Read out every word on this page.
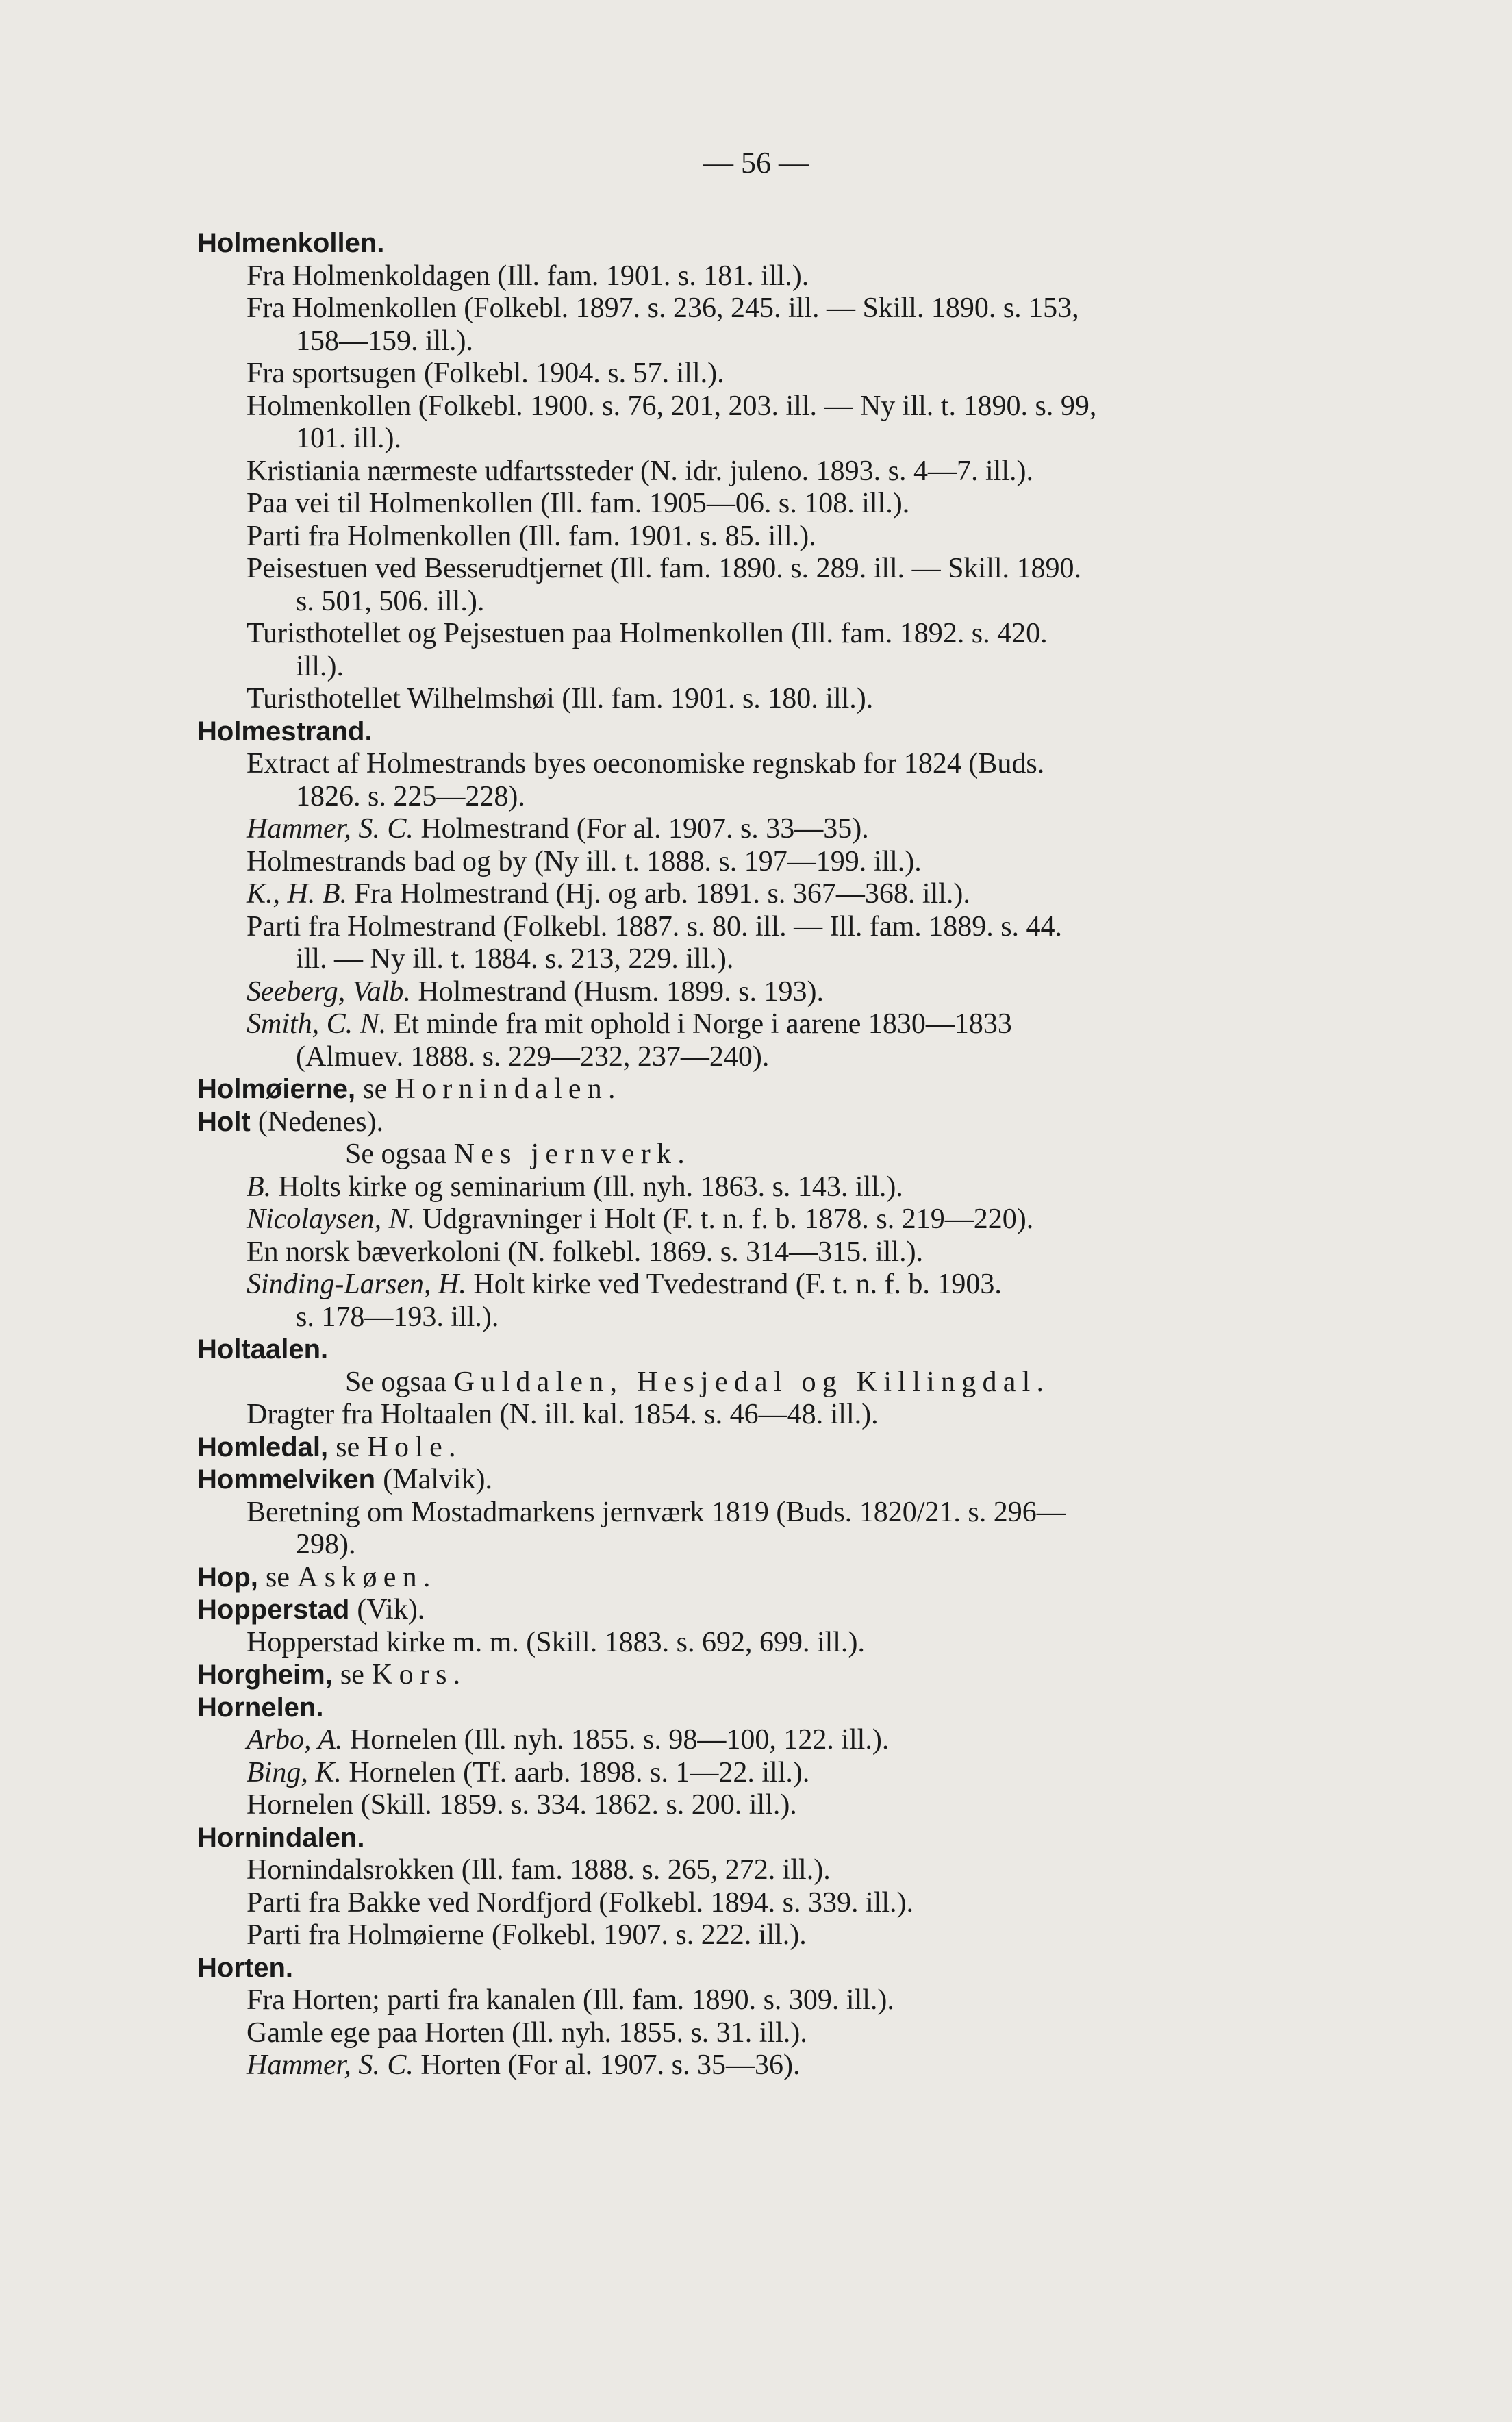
— 56 —
Holmenkollen.
Fra Holmenkoldagen (Ill. fam. 1901. s. 181. ill.).
Fra Holmenkollen (Folkebl. 1897. s. 236, 245. ill. — Skill. 1890. s. 153,
158—159. ill.).
Fra sportsugen (Folkebl. 1904. s. 57. ill.).
Holmenkollen (Folkebl. 1900. s. 76, 201, 203. ill. — Ny ill. t. 1890. s. 99,
101. ill.).
Kristiania nærmeste udfartssteder (N. idr. juleno. 1893. s. 4—7. ill.).
Paa vei til Holmenkollen (Ill. fam. 1905—06. s. 108. ill.).
Parti fra Holmenkollen (Ill. fam. 1901. s. 85. ill.).
Peisestuen ved Besserudtjernet (Ill. fam. 1890. s. 289. ill. — Skill. 1890.
s. 501, 506. ill.).
Turisthotellet og Pejsestuen paa Holmenkollen (Ill. fam. 1892. s. 420.
ill.).
Turisthotellet Wilhelmshøi (Ill. fam. 1901. s. 180. ill.).
Holmestrand.
Extract af Holmestrands byes oeconomiske regnskab for 1824 (Buds.
1826. s. 225—228).
Hammer, S. C. Holmestrand (For al. 1907. s. 33—35).
Holmestrands bad og by (Ny ill. t. 1888. s. 197—199. ill.).
K., H. B. Fra Holmestrand (Hj. og arb. 1891. s. 367—368. ill.).
Parti fra Holmestrand (Folkebl. 1887. s. 80. ill. — Ill. fam. 1889. s. 44.
ill. — Ny ill. t. 1884. s. 213, 229. ill.).
Seeberg, Valb. Holmestrand (Husm. 1899. s. 193).
Smith, C. N. Et minde fra mit ophold i Norge i aarene 1830—1833
(Almuev. 1888. s. 229—232, 237—240).
Holmøierne, se Hornindalen.
Holt (Nedenes).
Se ogsaa Nes jernverk.
B. Holts kirke og seminarium (Ill. nyh. 1863. s. 143. ill.).
Nicolaysen, N. Udgravninger i Holt (F. t. n. f. b. 1878. s. 219—220).
En norsk bæverkoloni (N. folkebl. 1869. s. 314—315. ill.).
Sinding-Larsen, H. Holt kirke ved Tvedestrand (F. t. n. f. b. 1903.
s. 178—193. ill.).
Holtaalen.
Se ogsaa Guldalen, Hesjedal og Killingdal.
Dragter fra Holtaalen (N. ill. kal. 1854. s. 46—48. ill.).
Homledal, se Hole.
Hommelviken (Malvik).
Beretning om Mostadmarkens jernværk 1819 (Buds. 1820/21. s. 296—
298).
Hop, se Askøen.
Hopperstad (Vik).
Hopperstad kirke m. m. (Skill. 1883. s. 692, 699. ill.).
Horgheim, se Kors.
Hornelen.
Arbo, A. Hornelen (Ill. nyh. 1855. s. 98—100, 122. ill.).
Bing, K. Hornelen (Tf. aarb. 1898. s. 1—22. ill.).
Hornelen (Skill. 1859. s. 334. 1862. s. 200. ill.).
Hornindalen.
Hornindalsrokken (Ill. fam. 1888. s. 265, 272. ill.).
Parti fra Bakke ved Nordfjord (Folkebl. 1894. s. 339. ill.).
Parti fra Holmøierne (Folkebl. 1907. s. 222. ill.).
Horten.
Fra Horten; parti fra kanalen (Ill. fam. 1890. s. 309. ill.).
Gamle ege paa Horten (Ill. nyh. 1855. s. 31. ill.).
Hammer, S. C. Horten (For al. 1907. s. 35—36).
